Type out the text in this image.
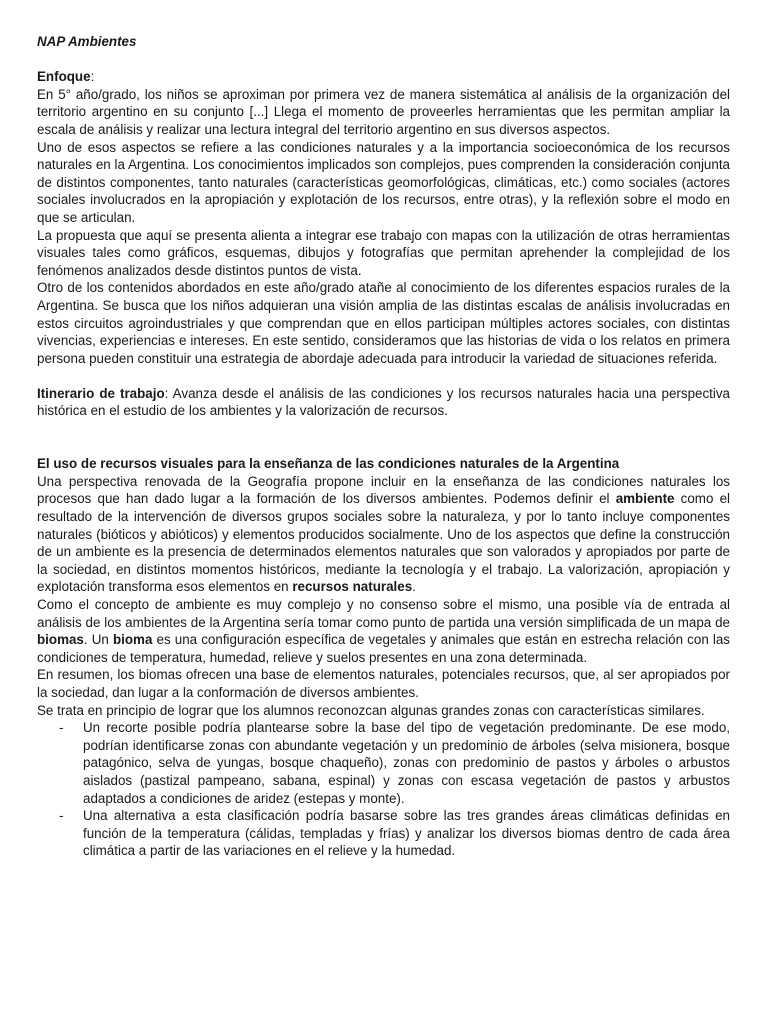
NAP Ambientes

Enfoque:

En 5° año/grado, los niños se aproximan por primera vez de manera sistemática al análisis de la organización del territorio argentino en su conjunto [...] Llega el momento de proveerles herramientas que les permitan ampliar la escala de análisis y realizar una lectura integral del territorio argentino en sus diversos aspectos.

Uno de esos aspectos se refiere a las condiciones naturales y a la importancia socioeconómica de los recursos naturales en la Argentina. Los conocimientos implicados son complejos, pues comprenden la consideración conjunta de distintos componentes, tanto naturales (características geomorfológicas, climáticas, etc.) como sociales (actores sociales involucrados en la apropiación y explotación de los recursos, entre otras), y la reflexión sobre el modo en que se articulan.

La propuesta que aquí se presenta alienta a integrar ese trabajo con mapas con la utilización de otras herramientas visuales tales como gráficos, esquemas, dibujos y fotografías que permitan aprehender la complejidad de los fenómenos analizados desde distintos puntos de vista.

Otro de los contenidos abordados en este año/grado atañe al conocimiento de los diferentes espacios rurales de la Argentina. Se busca que los niños adquieran una visión amplia de las distintas escalas de análisis involucradas en estos circuitos agroindustriales y que comprendan que en ellos participan múltiples actores sociales, con distintas vivencias, experiencias e intereses. En este sentido, consideramos que las historias de vida o los relatos en primera persona pueden constituir una estrategia de abordaje adecuada para introducir la variedad de situaciones referida.

Itinerario de trabajo: Avanza desde el análisis de las condiciones y los recursos naturales hacia una perspectiva histórica en el estudio de los ambientes y la valorización de recursos.

El uso de recursos visuales para la enseñanza de las condiciones naturales de la Argentina

Una perspectiva renovada de la Geografía propone incluir en la enseñanza de las condiciones naturales los procesos que han dado lugar a la formación de los diversos ambientes. Podemos definir el ambiente como el resultado de la intervención de diversos grupos sociales sobre la naturaleza, y por lo tanto incluye componentes naturales (bióticos y abióticos) y elementos producidos socialmente. Uno de los aspectos que define la construcción de un ambiente es la presencia de determinados elementos naturales que son valorados y apropiados por parte de la sociedad, en distintos momentos históricos, mediante la tecnología y el trabajo. La valorización, apropiación y explotación transforma esos elementos en recursos naturales.

Como el concepto de ambiente es muy complejo y no consenso sobre el mismo, una posible vía de entrada al análisis de los ambientes de la Argentina sería tomar como punto de partida una versión simplificada de un mapa de biomas. Un bioma es una configuración específica de vegetales y animales que están en estrecha relación con las condiciones de temperatura, humedad, relieve y suelos presentes en una zona determinada.

En resumen, los biomas ofrecen una base de elementos naturales, potenciales recursos, que, al ser apropiados por la sociedad, dan lugar a la conformación de diversos ambientes.

Se trata en principio de lograr que los alumnos reconozcan algunas grandes zonas con características similares.

- Un recorte posible podría plantearse sobre la base del tipo de vegetación predominante. De ese modo, podrían identificarse zonas con abundante vegetación y un predominio de árboles (selva misionera, bosque patagónico, selva de yungas, bosque chaqueño), zonas con predominio de pastos y árboles o arbustos aislados (pastizal pampeano, sabana, espinal) y zonas con escasa vegetación de pastos y arbustos adaptados a condiciones de aridez (estepas y monte).
- Una alternativa a esta clasificación podría basarse sobre las tres grandes áreas climáticas definidas en función de la temperatura (cálidas, templadas y frías) y analizar los diversos biomas dentro de cada área climática a partir de las variaciones en el relieve y la humedad.
